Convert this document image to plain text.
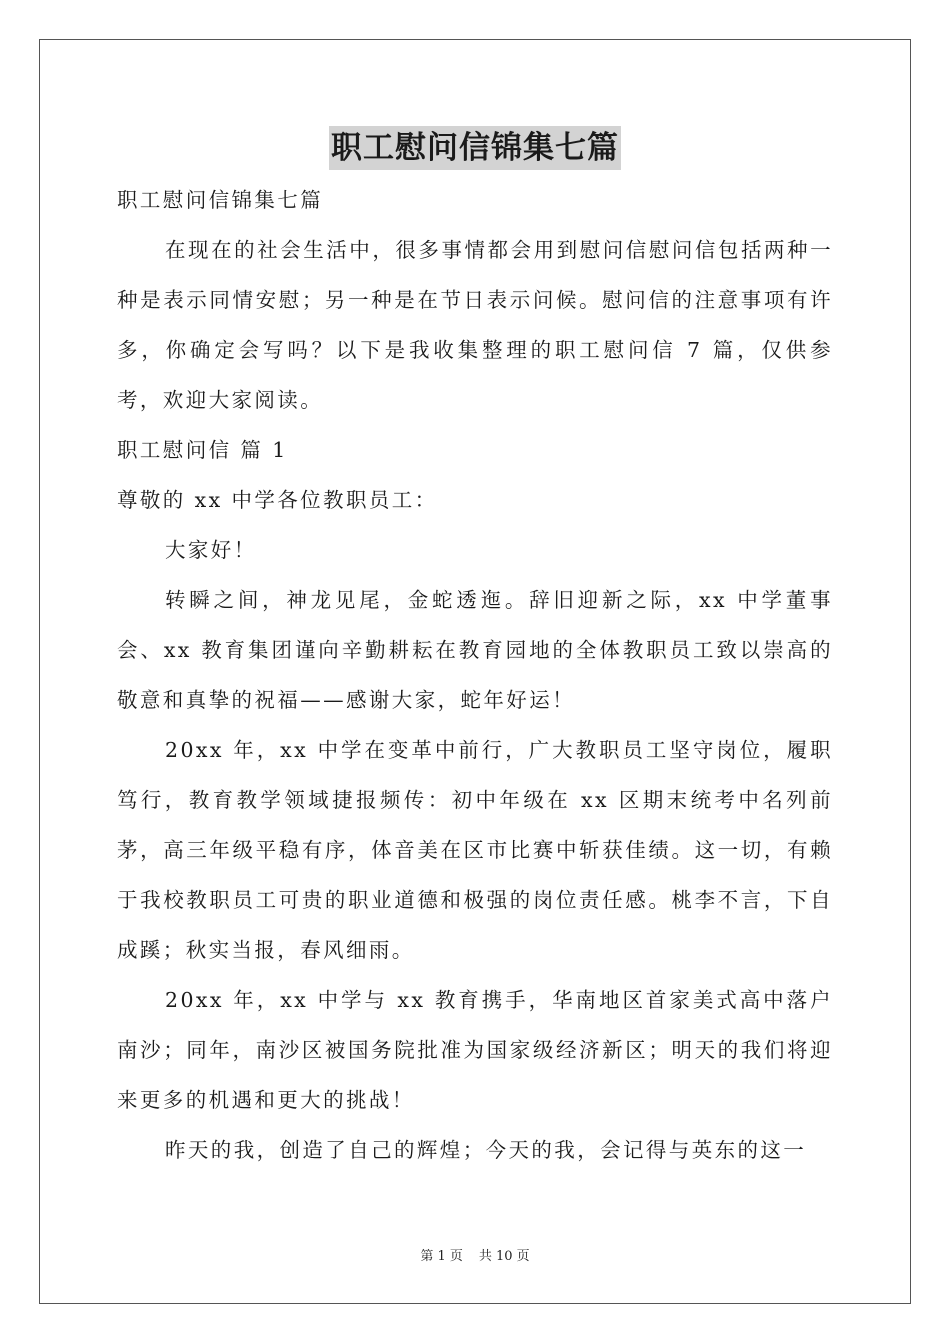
职工慰问信锦集七篇
职工慰问信锦集七篇

在现在的社会生活中，很多事情都会用到慰问信慰问信包括两种一种是表示同情安慰；另一种是在节日表示问候。慰问信的注意事项有许多，你确定会写吗？以下是我收集整理的职工慰问信 7 篇，仅供参考，欢迎大家阅读。

职工慰问信 篇 1
尊敬的 xx 中学各位教职员工：

大家好！

转瞬之间，神龙见尾，金蛇透迤。辞旧迎新之际，xx 中学董事会、xx 教育集团谨向辛勤耕耘在教育园地的全体教职员工致以崇高的敬意和真挚的祝福——感谢大家，蛇年好运！

20xx 年，xx 中学在变革中前行，广大教职员工坚守岗位，履职笃行，教育教学领域捷报频传：初中年级在 xx 区期末统考中名列前茅，高三年级平稳有序，体音美在区市比赛中斩获佳绩。这一切，有赖于我校教职员工可贵的职业道德和极强的岗位责任感。桃李不言，下自成蹊；秋实当报，春风细雨。

20xx 年，xx 中学与 xx 教育携手，华南地区首家美式高中落户南沙；同年，南沙区被国务院批准为国家级经济新区；明天的我们将迎来更多的机遇和更大的挑战！

昨天的我，创造了自己的辉煌；今天的我，会记得与英东的这一

第 1 页 共 10 页
